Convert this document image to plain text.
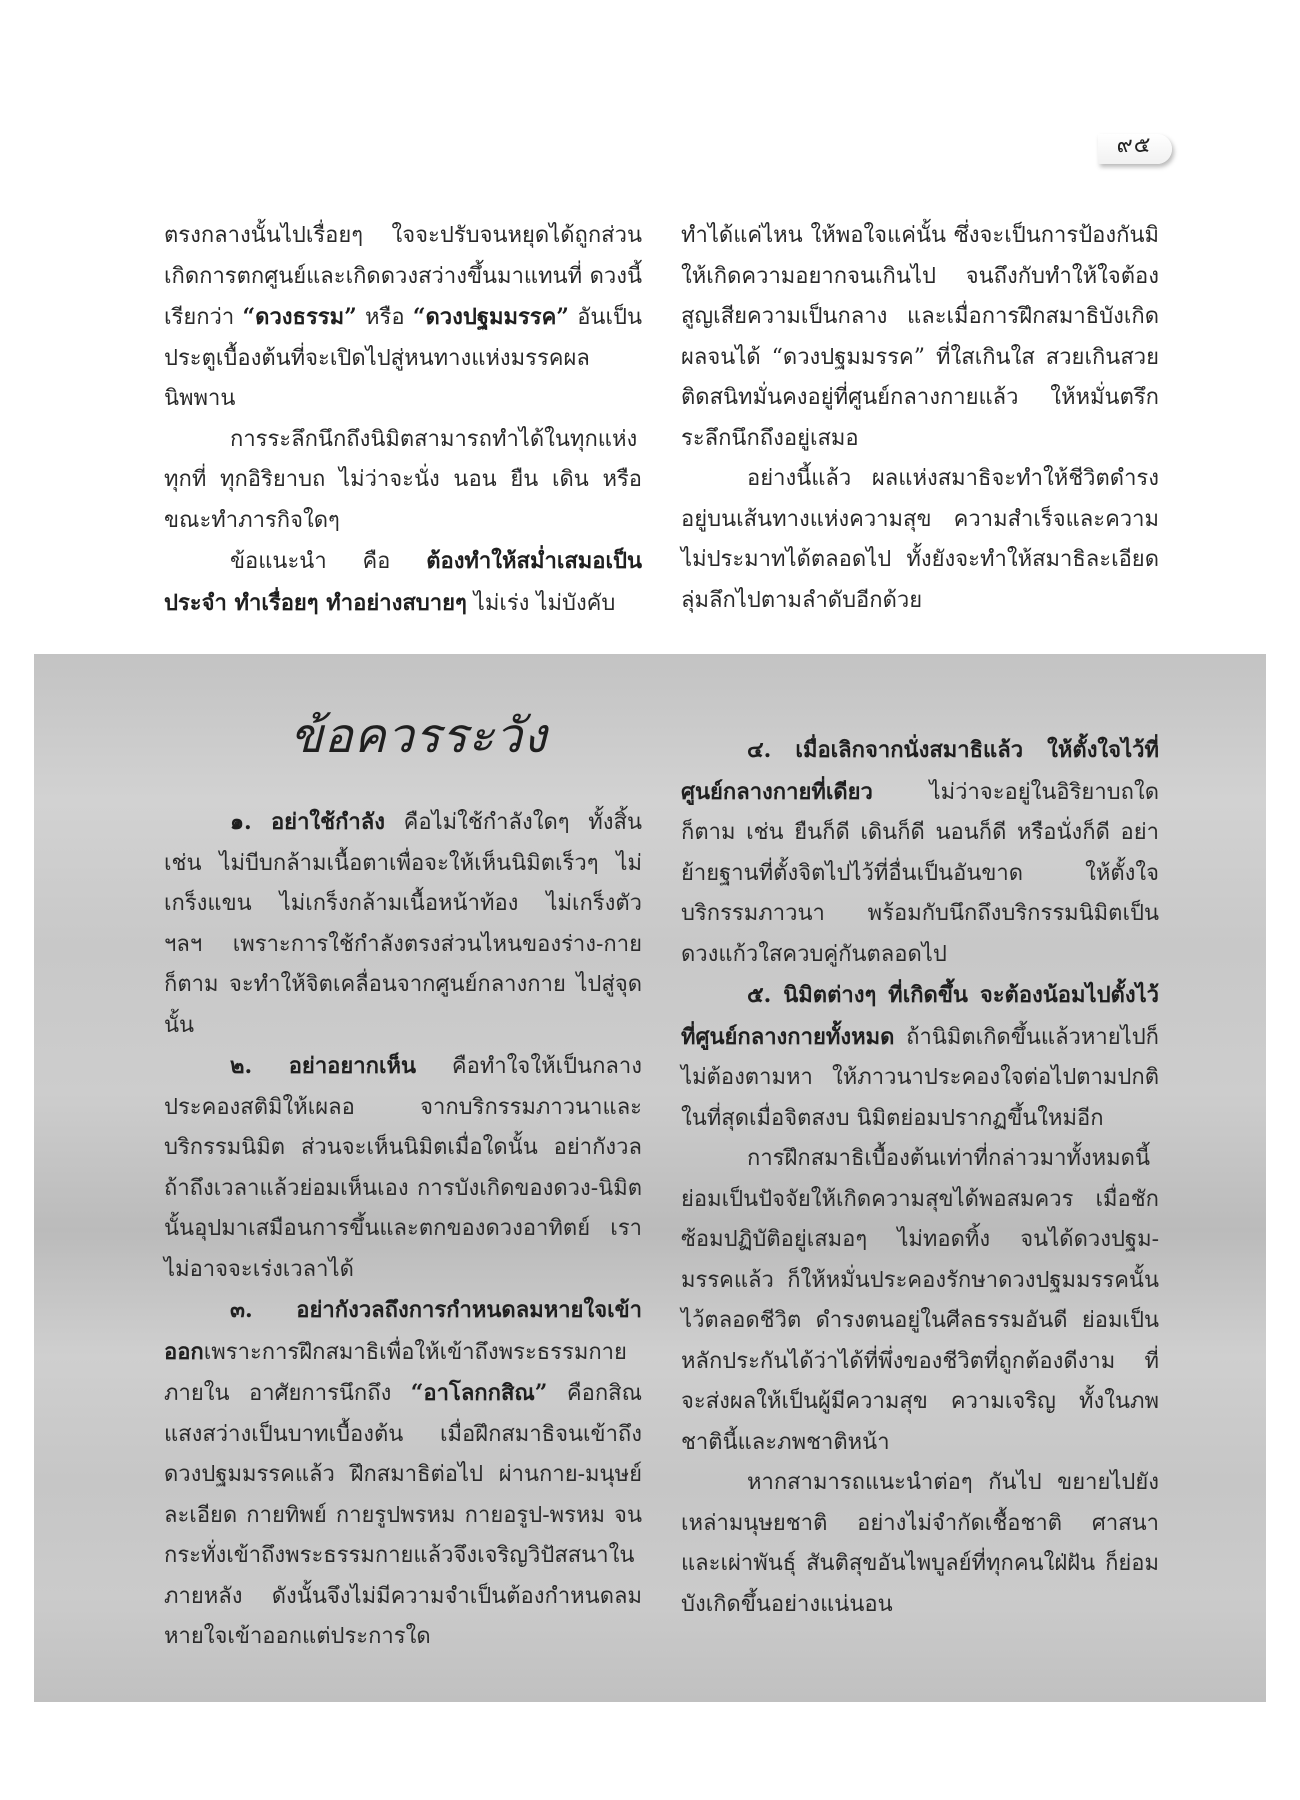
๙๕

ตรงกลางนั้นไปเรื่อยๆ ใจจะปรับจนหยุดได้ถูกส่วน เกิดการตกศูนย์และเกิดดวงสว่างขึ้นมาแทนที่ ดวงนี้เรียกว่า “ดวงธรรม” หรือ “ดวงปฐมมรรค” อันเป็นประตูเบื้องต้นที่จะเปิดไปสู่หนทางแห่งมรรคผลนิพพาน

การระลึกนึกถึงนิมิตสามารถทำได้ในทุกแห่ง ทุกที่ ทุกอิริยาบถ ไม่ว่าจะนั่ง นอน ยืน เดิน หรือ ขณะทำภารกิจใดๆ

ข้อแนะนำ คือ ต้องทำให้สม่ำเสมอเป็นประจำ ทำเรื่อยๆ ทำอย่างสบายๆ ไม่เร่ง ไม่บังคับ

ทำได้แค่ไหน ให้พอใจแค่นั้น ซึ่งจะเป็นการป้องกันมิให้เกิดความอยากจนเกินไป จนถึงกับทำให้ใจต้องสูญเสียความเป็นกลาง และเมื่อการฝึกสมาธิบังเกิดผลจนได้ “ดวงปฐมมรรค” ที่ใสเกินใส สวยเกินสวย ติดสนิทมั่นคงอยู่ที่ศูนย์กลางกายแล้ว ให้หมั่นตรึกระลึกนึกถึงอยู่เสมอ

อย่างนี้แล้ว ผลแห่งสมาธิจะทำให้ชีวิตดำรงอยู่บนเส้นทางแห่งความสุข ความสำเร็จและความไม่ประมาทได้ตลอดไป ทั้งยังจะทำให้สมาธิละเอียดลุ่มลึกไปตามลำดับอีกด้วย

ข้อควรระวัง

๑. อย่าใช้กำลัง คือไม่ใช้กำลังใดๆ ทั้งสิ้น เช่น ไม่บีบกล้ามเนื้อตาเพื่อจะให้เห็นนิมิตเร็วๆ ไม่เกร็งแขน ไม่เกร็งกล้ามเนื้อหน้าท้อง ไม่เกร็งตัว ฯลฯ เพราะการใช้กำลังตรงส่วนไหนของร่าง-กายก็ตาม จะทำให้จิตเคลื่อนจากศูนย์กลางกาย ไปสู่จุดนั้น

๒. อย่าอยากเห็น คือทำใจให้เป็นกลาง ประคองสติมิให้เผลอ จากบริกรรมภาวนาและบริกรรมนิมิต ส่วนจะเห็นนิมิตเมื่อใดนั้น อย่ากังวล ถ้าถึงเวลาแล้วย่อมเห็นเอง การบังเกิดของดวง-นิมิตนั้นอุปมาเสมือนการขึ้นและตกของดวงอาทิตย์ เราไม่อาจจะเร่งเวลาได้

๓. อย่ากังวลถึงการกำหนดลมหายใจเข้าออกเพราะการฝึกสมาธิเพื่อให้เข้าถึงพระธรรมกายภายใน อาศัยการนึกถึง “อาโลกกสิณ” คือกสิณแสงสว่างเป็นบาทเบื้องต้น เมื่อฝึกสมาธิจนเข้าถึงดวงปฐมมรรคแล้ว ฝึกสมาธิต่อไป ผ่านกาย-มนุษย์ละเอียด กายทิพย์ กายรูปพรหม กายอรูป-พรหม จนกระทั่งเข้าถึงพระธรรมกายแล้วจึงเจริญวิปัสสนาในภายหลัง ดังนั้นจึงไม่มีความจำเป็นต้องกำหนดลมหายใจเข้าออกแต่ประการใด

๔. เมื่อเลิกจากนั่งสมาธิแล้ว ให้ตั้งใจไว้ที่ศูนย์กลางกายที่เดียว ไม่ว่าจะอยู่ในอิริยาบถใดก็ตาม เช่น ยืนก็ดี เดินก็ดี นอนก็ดี หรือนั่งก็ดี อย่าย้ายฐานที่ตั้งจิตไปไว้ที่อื่นเป็นอันขาด ให้ตั้งใจบริกรรมภาวนา พร้อมกับนึกถึงบริกรรมนิมิตเป็นดวงแก้วใสควบคู่กันตลอดไป

๕. นิมิตต่างๆ ที่เกิดขึ้น จะต้องน้อมไปตั้งไว้ที่ศูนย์กลางกายทั้งหมด ถ้านิมิตเกิดขึ้นแล้วหายไปก็ไม่ต้องตามหา ให้ภาวนาประคองใจต่อไปตามปกติ ในที่สุดเมื่อจิตสงบ นิมิตย่อมปรากฏขึ้นใหม่อีก

การฝึกสมาธิเบื้องต้นเท่าที่กล่าวมาทั้งหมดนี้ย่อมเป็นปัจจัยให้เกิดความสุขได้พอสมควร เมื่อชักซ้อมปฏิบัติอยู่เสมอๆ ไม่ทอดทิ้ง จนได้ดวงปฐม-มรรคแล้ว ก็ให้หมั่นประคองรักษาดวงปฐมมรรคนั้นไว้ตลอดชีวิต ดำรงตนอยู่ในศีลธรรมอันดี ย่อมเป็นหลักประกันได้ว่าได้ที่พึ่งของชีวิตที่ถูกต้องดีงาม ที่จะส่งผลให้เป็นผู้มีความสุข ความเจริญ ทั้งในภพชาตินี้และภพชาติหน้า

หากสามารถแนะนำต่อๆ กันไป ขยายไปยังเหล่ามนุษยชาติ อย่างไม่จำกัดเชื้อชาติ ศาสนา และเผ่าพันธุ์ สันติสุขอันไพบูลย์ที่ทุกคนใฝ่ฝัน ก็ย่อมบังเกิดขึ้นอย่างแน่นอน
